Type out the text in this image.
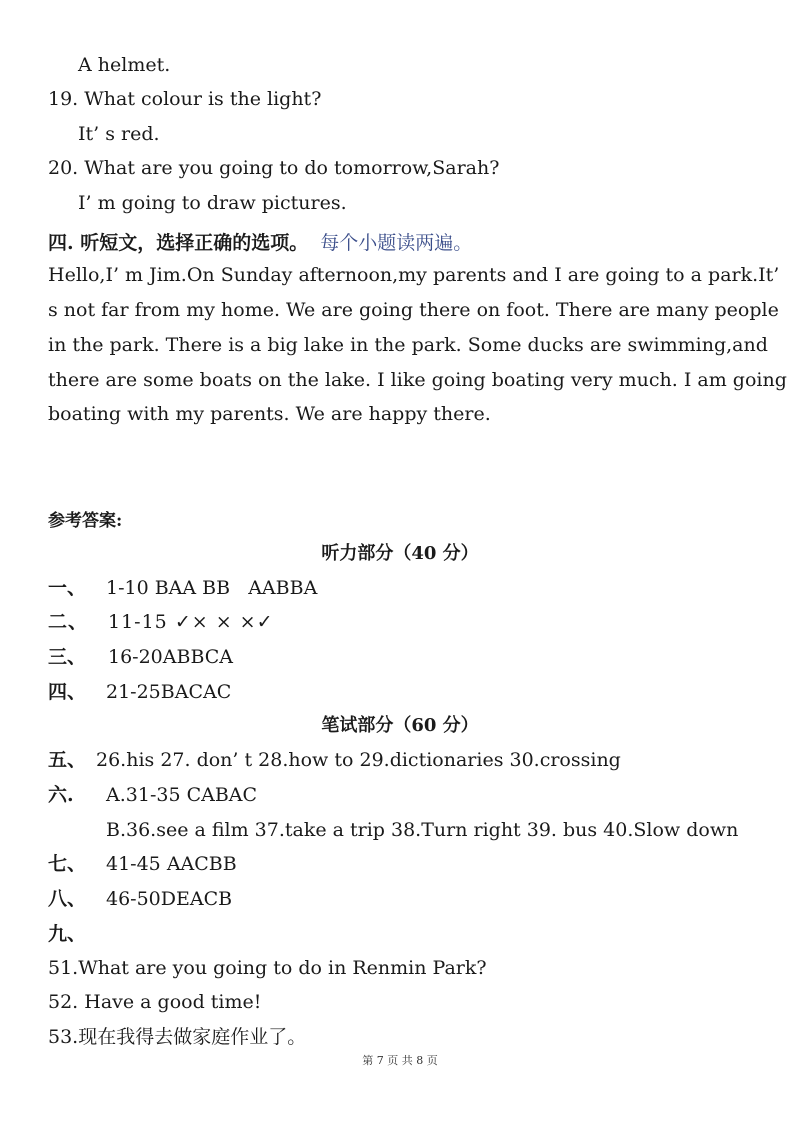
A helmet.
19. What colour is the light?
It’ s red.
20. What are you going to do tomorrow,Sarah?
I’ m going to draw pictures.
四. 听短文，选择正确的选项。 每个小题读两遍。
Hello,I’ m Jim.On Sunday afternoon,my parents and I are going to a park.It’
s not far from my home. We are going there on foot. There are many people
in the park. There is a big lake in the park. Some ducks are swimming,and
there are some boats on the lake. I like going boating very much. I am going
boating with my parents. We are happy there.
参考答案:
听力部分（40 分）
一、 1-10 BAA BB   AABBA
二、 11-15 ✓× × ×✓
三、 16-20ABBCA
四、 21-25BACAC
笔试部分（60 分）
五、 26.his 27. don’ t 28.how to 29.dictionaries 30.crossing
六. A.31-35 CABAC
B.36.see a film 37.take a trip 38.Turn right 39. bus 40.Slow down
七、 41-45 AACBB
八、 46-50DEACB
九、
51.What are you going to do in Renmin Park?
52. Have a good time!
53.现在我得去做家庭作业了。
第 7 页 共 8 页
